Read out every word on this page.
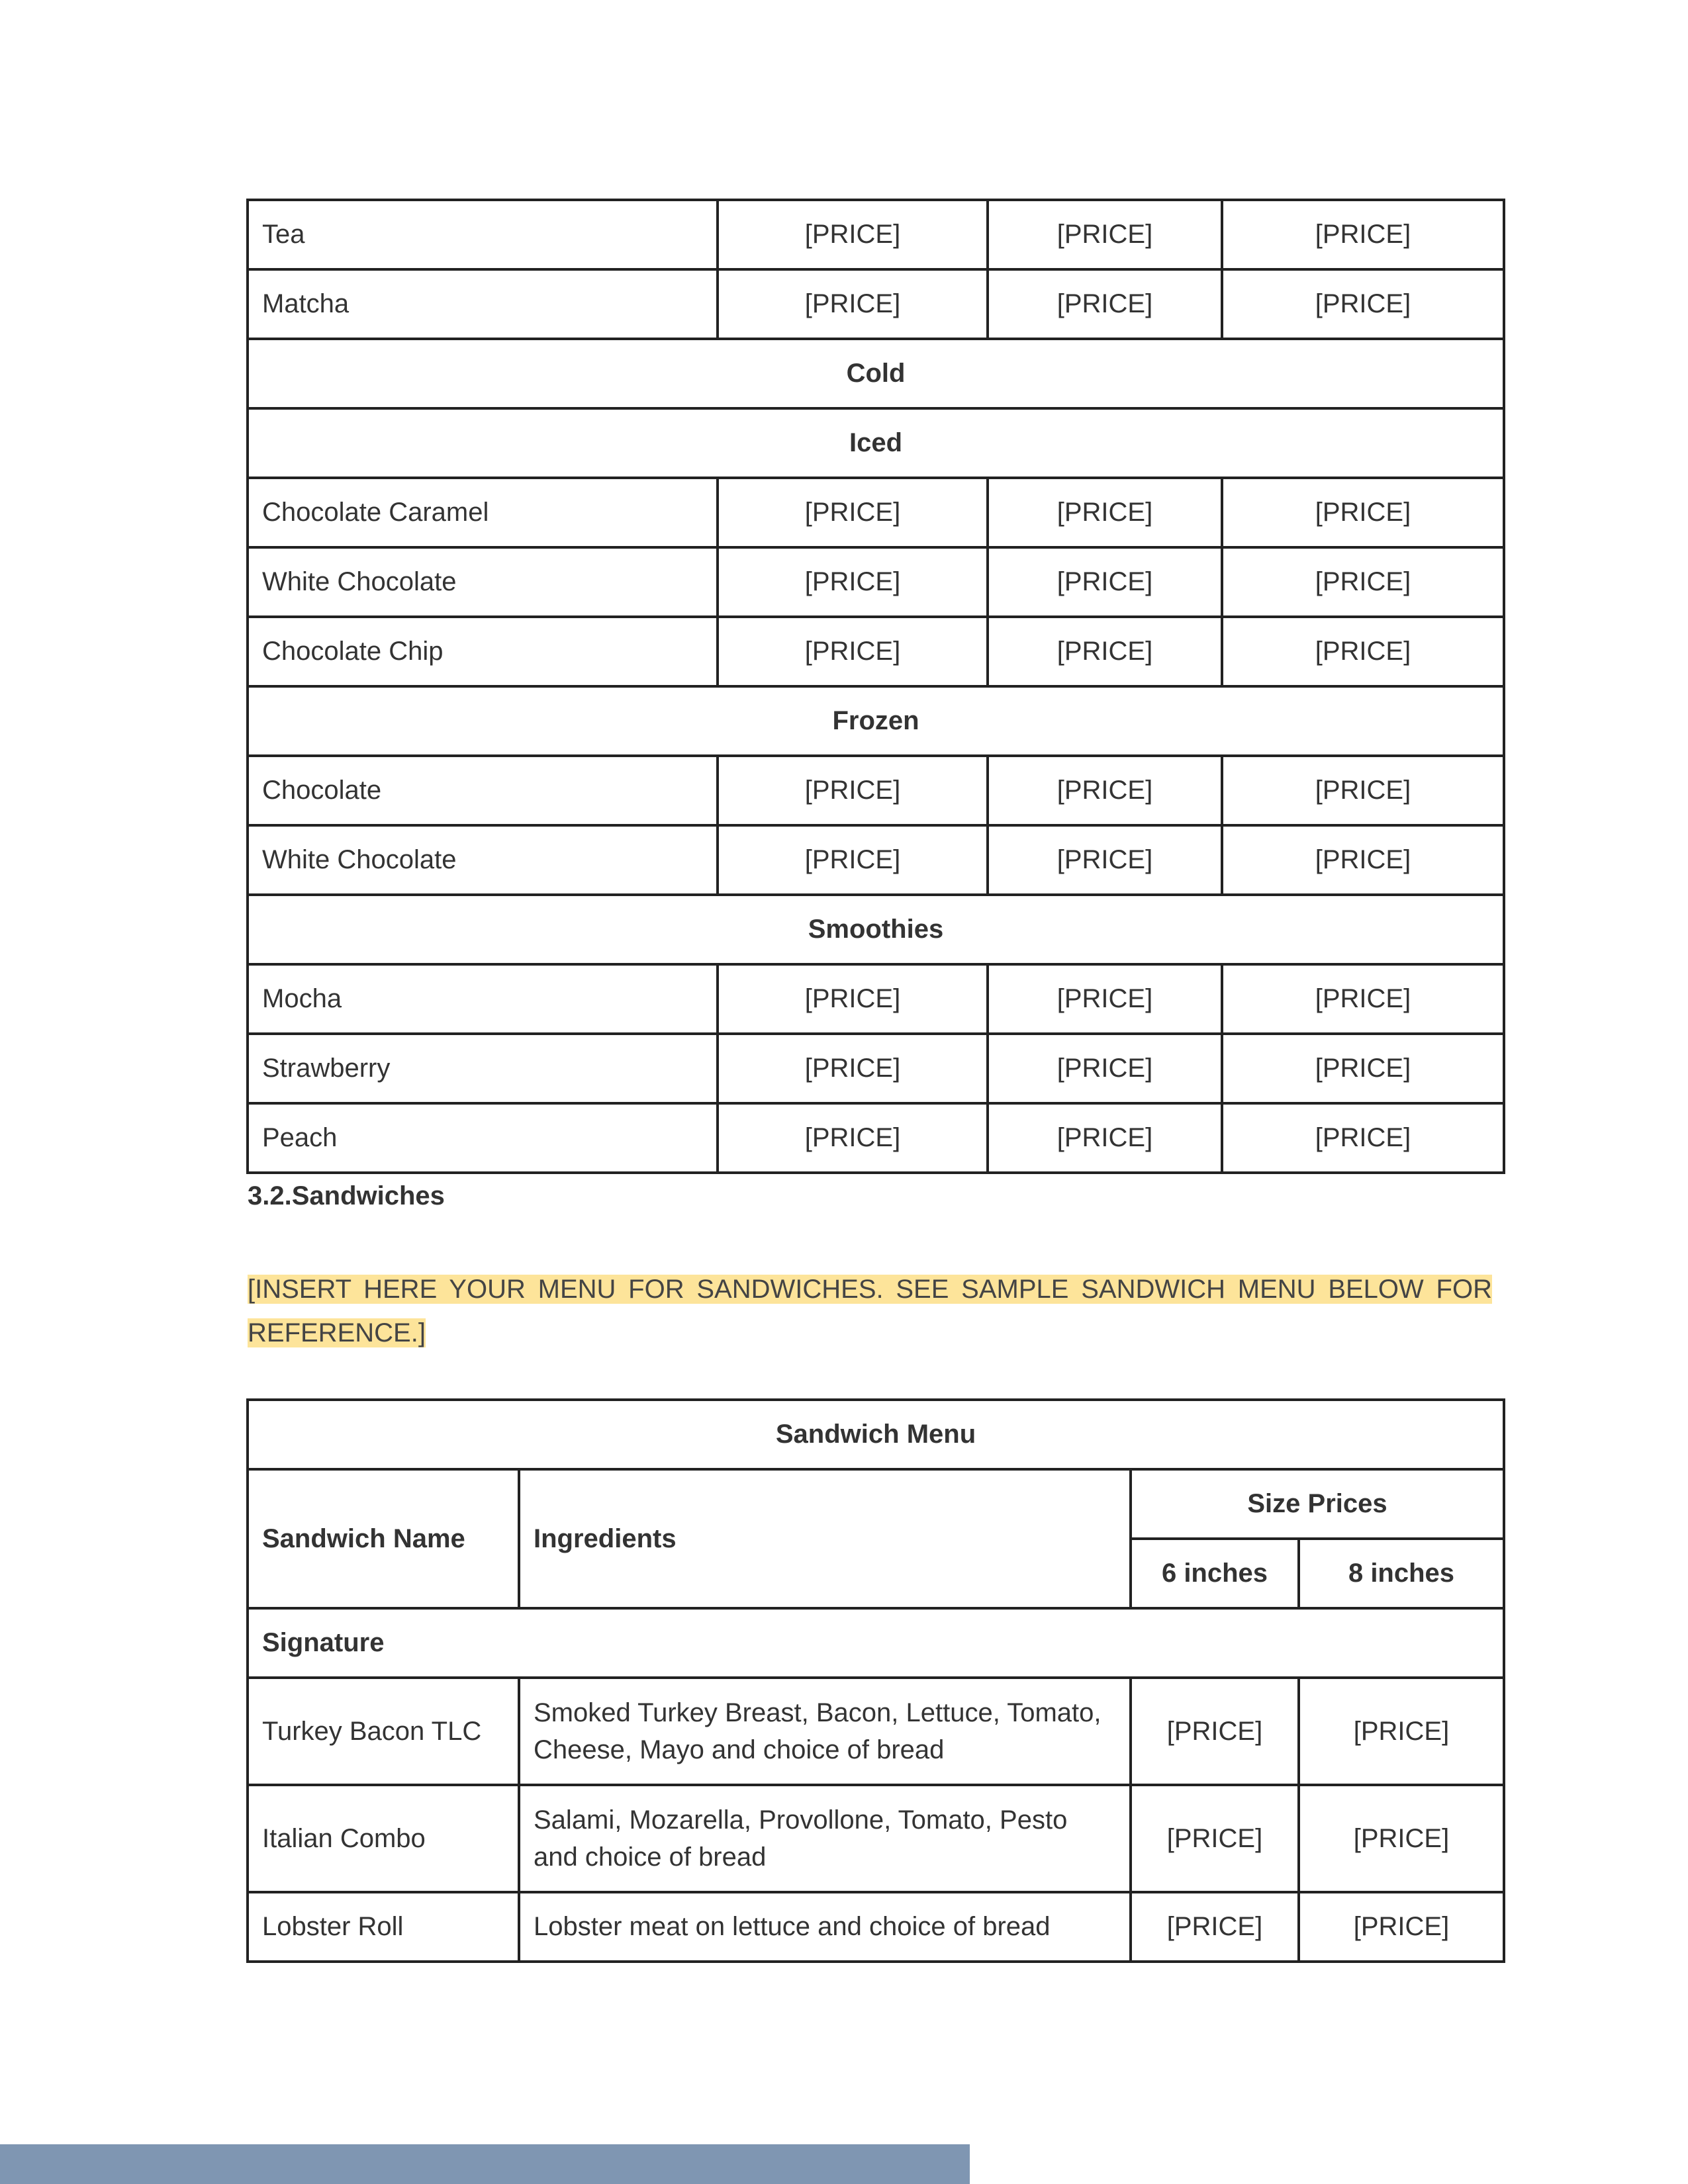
Tea	[PRICE]	[PRICE]	[PRICE]
Matcha	[PRICE]	[PRICE]	[PRICE]
Cold			
Iced			
Chocolate Caramel	[PRICE]	[PRICE]	[PRICE]
White Chocolate	[PRICE]	[PRICE]	[PRICE]
Chocolate Chip	[PRICE]	[PRICE]	[PRICE]
Frozen			
Chocolate	[PRICE]	[PRICE]	[PRICE]
White Chocolate	[PRICE]	[PRICE]	[PRICE]
Smoothies			
Mocha	[PRICE]	[PRICE]	[PRICE]
Strawberry	[PRICE]	[PRICE]	[PRICE]
Peach	[PRICE]	[PRICE]	[PRICE]
3.2.Sandwiches

[INSERT HERE YOUR MENU FOR SANDWICHES. SEE SAMPLE SANDWICH MENU BELOW FOR REFERENCE.]

Sandwich Menu			
Sandwich Name	Ingredients	Size Prices	
		6 inches	8 inches
Signature			
Turkey Bacon TLC	Smoked Turkey Breast, Bacon, Lettuce, Tomato, Cheese, Mayo and choice of bread	[PRICE]	[PRICE]
Italian Combo	Salami, Mozarella, Provollone, Tomato, Pesto and choice of bread	[PRICE]	[PRICE]
Lobster Roll	Lobster meat on lettuce and choice of bread	[PRICE]	[PRICE]
